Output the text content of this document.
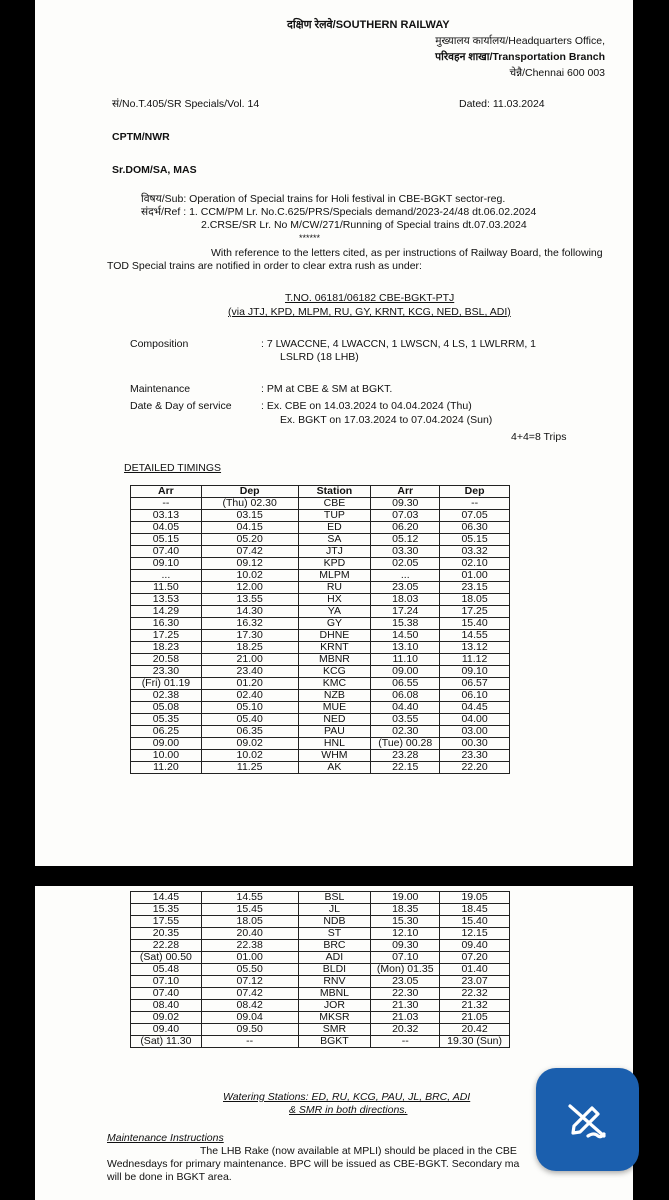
दक्षिण रेलवे/SOUTHERN RAILWAY
मुख्यालय कार्यालय/Headquarters Office,
परिवहन शाखा/Transportation Branch
चेन्नै/Chennai 600 003
सं/No.T.405/SR Specials/Vol. 14	Dated: 11.03.2024
CPTM/NWR
Sr.DOM/SA, MAS
विषय/Sub: Operation of Special trains for Holi festival in CBE-BGKT sector-reg.
संदर्भ/Ref : 1. CCM/PM Lr. No.C.625/PRS/Specials demand/2023-24/48 dt.06.02.2024
2.CRSE/SR Lr. No M/CW/271/Running of Special trains dt.07.03.2024
******
With reference to the letters cited, as per instructions of Railway Board, the following
TOD Special trains are notified in order to clear extra rush as under:
T.NO. 06181/06182 CBE-BGKT-PTJ
(via JTJ, KPD, MLPM, RU, GY, KRNT, KCG, NED, BSL, ADI)
Composition	: 7 LWACCNE, 4 LWACCN, 1 LWSCN, 4 LS, 1 LWLRRM, 1
LSLRD (18 LHB)
Maintenance	: PM at CBE & SM at BGKT.
Date & Day of service	: Ex. CBE on 14.03.2024 to 04.04.2024 (Thu)
Ex. BGKT on 17.03.2024 to 07.04.2024 (Sun)
4+4=8 Trips
DETAILED TIMINGS
Arr	Dep	Station	Arr	Dep
--	(Thu) 02.30	CBE	09.30	--
03.13	03.15	TUP	07.03	07.05
04.05	04.15	ED	06.20	06.30
05.15	05.20	SA	05.12	05.15
07.40	07.42	JTJ	03.30	03.32
09.10	09.12	KPD	02.05	02.10
...	10.02	MLPM	...	01.00
11.50	12.00	RU	23.05	23.15
13.53	13.55	HX	18.03	18.05
14.29	14.30	YA	17.24	17.25
16.30	16.32	GY	15.38	15.40
17.25	17.30	DHNE	14.50	14.55
18.23	18.25	KRNT	13.10	13.12
20.58	21.00	MBNR	11.10	11.12
23.30	23.40	KCG	09.00	09.10
(Fri) 01.19	01.20	KMC	06.55	06.57
02.38	02.40	NZB	06.08	06.10
05.08	05.10	MUE	04.40	04.45
05.35	05.40	NED	03.55	04.00
06.25	06.35	PAU	02.30	03.00
09.00	09.02	HNL	(Tue) 00.28	00.30
10.00	10.02	WHM	23.28	23.30
11.20	11.25	AK	22.15	22.20
14.45	14.55	BSL	19.00	19.05
15.35	15.45	JL	18.35	18.45
17.55	18.05	NDB	15.30	15.40
20.35	20.40	ST	12.10	12.15
22.28	22.38	BRC	09.30	09.40
(Sat) 00.50	01.00	ADI	07.10	07.20
05.48	05.50	BLDI	(Mon) 01.35	01.40
07.10	07.12	RNV	23.05	23.07
07.40	07.42	MBNL	22.30	22.32
08.40	08.42	JOR	21.30	21.32
09.02	09.04	MKSR	21.03	21.05
09.40	09.50	SMR	20.32	20.42
(Sat) 11.30	--	BGKT	--	19.30 (Sun)
Watering Stations: ED, RU, KCG, PAU, JL, BRC, ADI
& SMR in both directions.
Maintenance Instructions
The LHB Rake (now available at MPLI) should be placed in the CBE
Wednesdays for primary maintenance. BPC will be issued as CBE-BGKT. Secondary ma
will be done in BGKT area.
